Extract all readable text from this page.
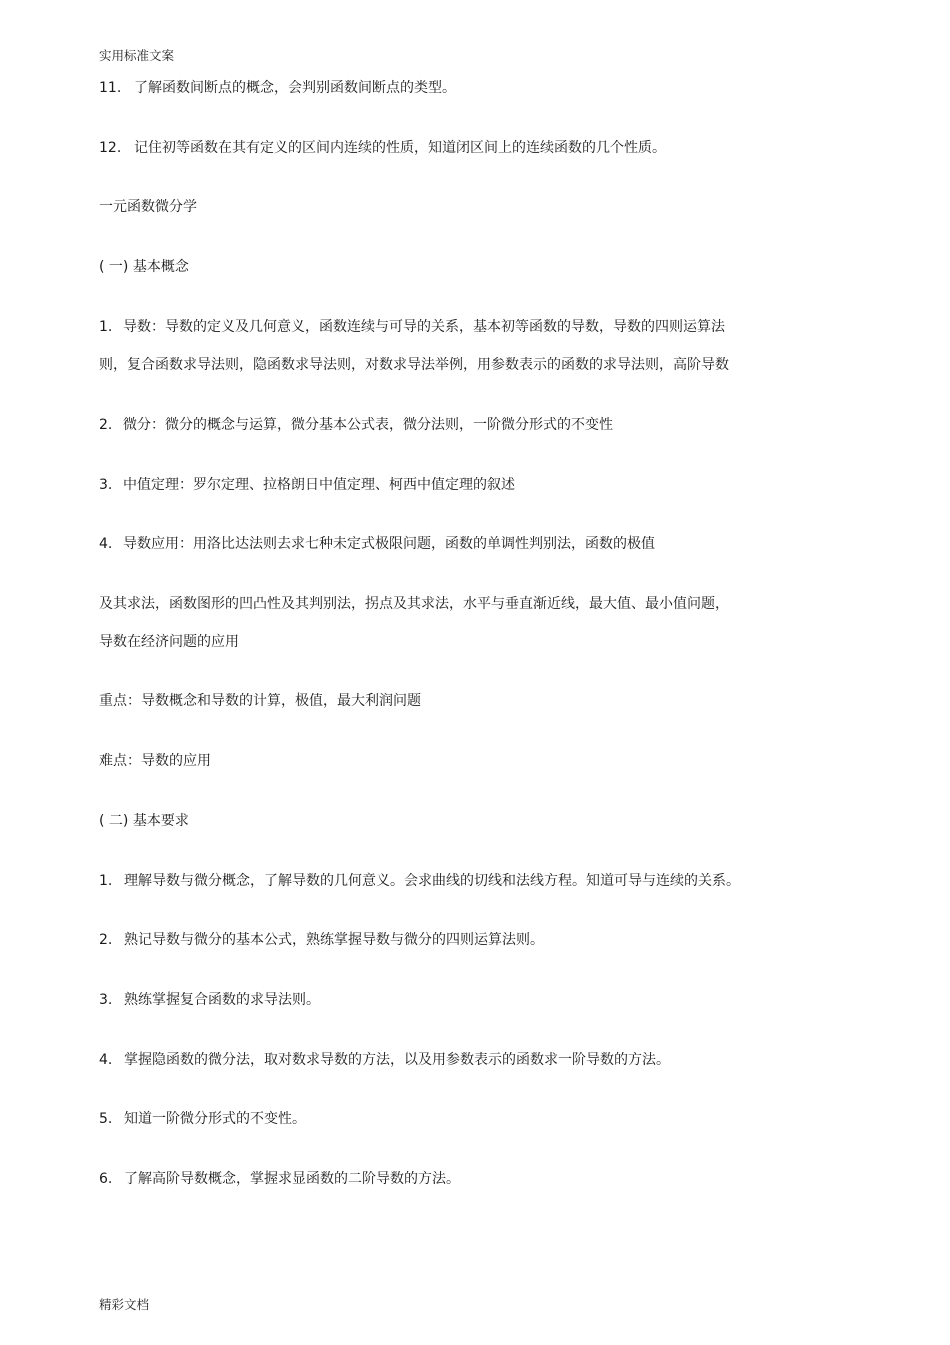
实用标准文案

11. 了解函数间断点的概念，会判别函数间断点的类型。

12. 记住初等函数在其有定义的区间内连续的性质，知道闭区间上的连续函数的几个性质。

一元函数微分学

( 一) 基本概念

1. 导数：导数的定义及几何意义，函数连续与可导的关系，基本初等函数的导数，导数的四则运算法

则，复合函数求导法则，隐函数求导法则，对数求导法举例，用参数表示的函数的求导法则，高阶导数

2. 微分：微分的概念与运算，微分基本公式表，微分法则，一阶微分形式的不变性

3. 中值定理：罗尔定理、拉格朗日中值定理、柯西中值定理的叙述

4. 导数应用：用洛比达法则去求七种未定式极限问题，函数的单调性判别法，函数的极值

及其求法，函数图形的凹凸性及其判别法，拐点及其求法，水平与垂直渐近线，最大值、最小值问题，

导数在经济问题的应用

重点：导数概念和导数的计算，极值，最大利润问题

难点：导数的应用

( 二) 基本要求

1. 理解导数与微分概念，了解导数的几何意义。会求曲线的切线和法线方程。知道可导与连续的关系。

2. 熟记导数与微分的基本公式，熟练掌握导数与微分的四则运算法则。

3. 熟练掌握复合函数的求导法则。

4. 掌握隐函数的微分法，取对数求导数的方法，以及用参数表示的函数求一阶导数的方法。

5. 知道一阶微分形式的不变性。

6. 了解高阶导数概念，掌握求显函数的二阶导数的方法。

精彩文档
